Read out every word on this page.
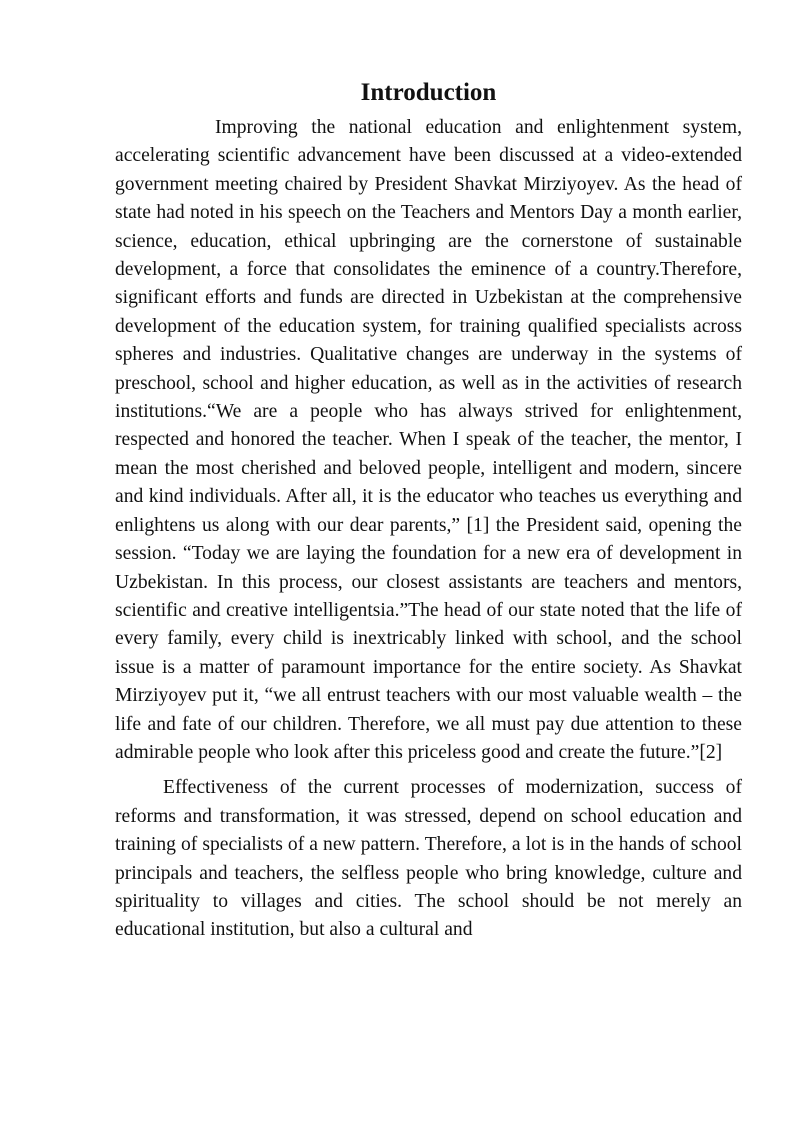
Introduction

Improving the national education and enlightenment system, accelerating scientific advancement have been discussed at a video-extended government meeting chaired by President Shavkat Mirziyoyev. As the head of state had noted in his speech on the Teachers and Mentors Day a month earlier, science, education, ethical upbringing are the cornerstone of sustainable development, a force that consolidates the eminence of a country.Therefore, significant efforts and funds are directed in Uzbekistan at the comprehensive development of the education system, for training qualified specialists across spheres and industries. Qualitative changes are underway in the systems of preschool, school and higher education, as well as in the activities of research institutions.“We are a people who has always strived for enlightenment, respected and honored the teacher. When I speak of the teacher, the mentor, I mean the most cherished and beloved people, intelligent and modern, sincere and kind individuals. After all, it is the educator who teaches us everything and enlightens us along with our dear parents,” [1] the President said, opening the session. “Today we are laying the foundation for a new era of development in Uzbekistan. In this process, our closest assistants are teachers and mentors, scientific and creative intelligentsia.”The head of our state noted that the life of every family, every child is inextricably linked with school, and the school issue is a matter of paramount importance for the entire society. As Shavkat Mirziyoyev put it, “we all entrust teachers with our most valuable wealth – the life and fate of our children. Therefore, we all must pay due attention to these admirable people who look after this priceless good and create the future.”[2]

Effectiveness of the current processes of modernization, success of reforms and transformation, it was stressed, depend on school education and training of specialists of a new pattern. Therefore, a lot is in the hands of school principals and teachers, the selfless people who bring knowledge, culture and spirituality to villages and cities. The school should be not merely an educational institution, but also a cultural and
